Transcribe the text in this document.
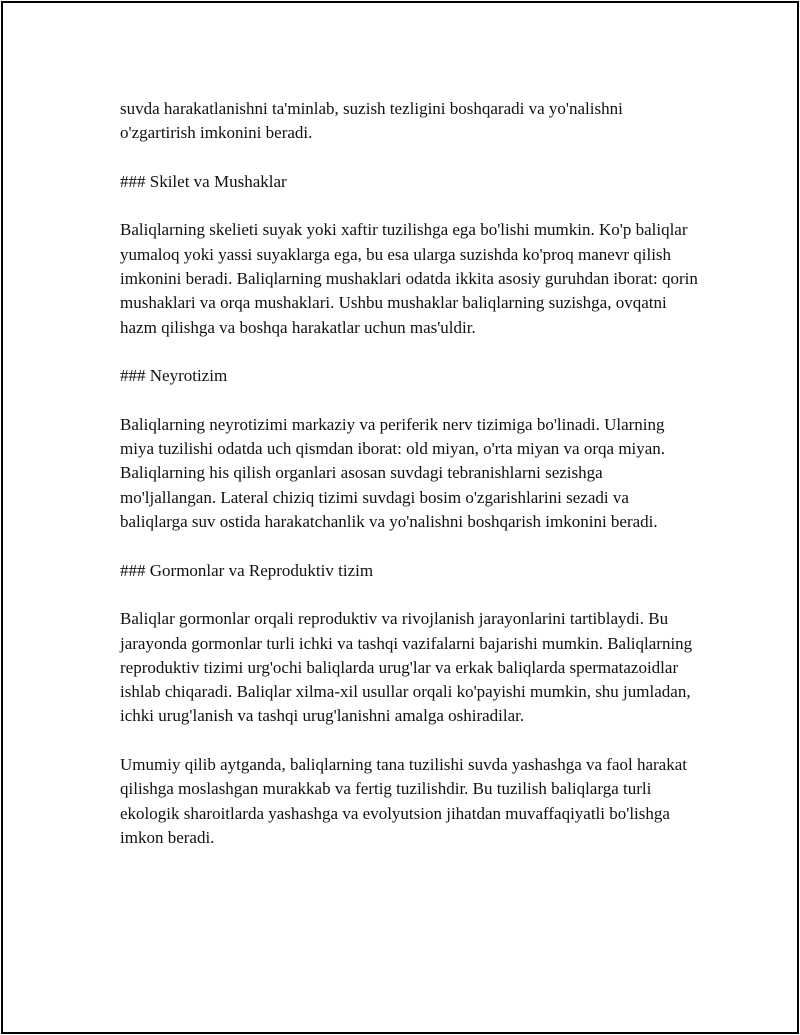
suvda harakatlanishni ta'minlab, suzish tezligini boshqaradi va yo'nalishni o'zgartirish imkonini beradi.

### Skilet va Mushaklar

Baliqlarning skelieti suyak yoki xaftir tuzilishga ega bo'lishi mumkin. Ko'p baliqlar yumaloq yoki yassi suyaklarga ega, bu esa ularga suzishda ko'proq manevr qilish imkonini beradi. Baliqlarning mushaklari odatda ikkita asosiy guruhdan iborat: qorin mushaklari va orqa mushaklari. Ushbu mushaklar baliqlarning suzishga, ovqatni hazm qilishga va boshqa harakatlar uchun mas'uldir.

### Neyrotizim

Baliqlarning neyrotizimi markaziy va periferik nerv tizimiga bo'linadi. Ularning miya tuzilishi odatda uch qismdan iborat: old miyan, o'rta miyan va orqa miyan. Baliqlarning his qilish organlari asosan suvdagi tebranishlarni sezishga mo'ljallangan. Lateral chiziq tizimi suvdagi bosim o'zgarishlarini sezadi va baliqlarga suv ostida harakatchanlik va yo'nalishni boshqarish imkonini beradi.

### Gormonlar va Reproduktiv tizim

Baliqlar gormonlar orqali reproduktiv va rivojlanish jarayonlarini tartiblaydi. Bu jarayonda gormonlar turli ichki va tashqi vazifalarni bajarishi mumkin. Baliqlarning reproduktiv tizimi urg'ochi baliqlarda urug'lar va erkak baliqlarda spermatazoidlar ishlab chiqaradi. Baliqlar xilma-xil usullar orqali ko'payishi mumkin, shu jumladan, ichki urug'lanish va tashqi urug'lanishni amalga oshiradilar.

Umumiy qilib aytganda, baliqlarning tana tuzilishi suvda yashashga va faol harakat qilishga moslashgan murakkab va fertig tuzilishdir. Bu tuzilish baliqlarga turli ekologik sharoitlarda yashashga va evolyutsion jihatdan muvaffaqiyatli bo'lishga imkon beradi.
